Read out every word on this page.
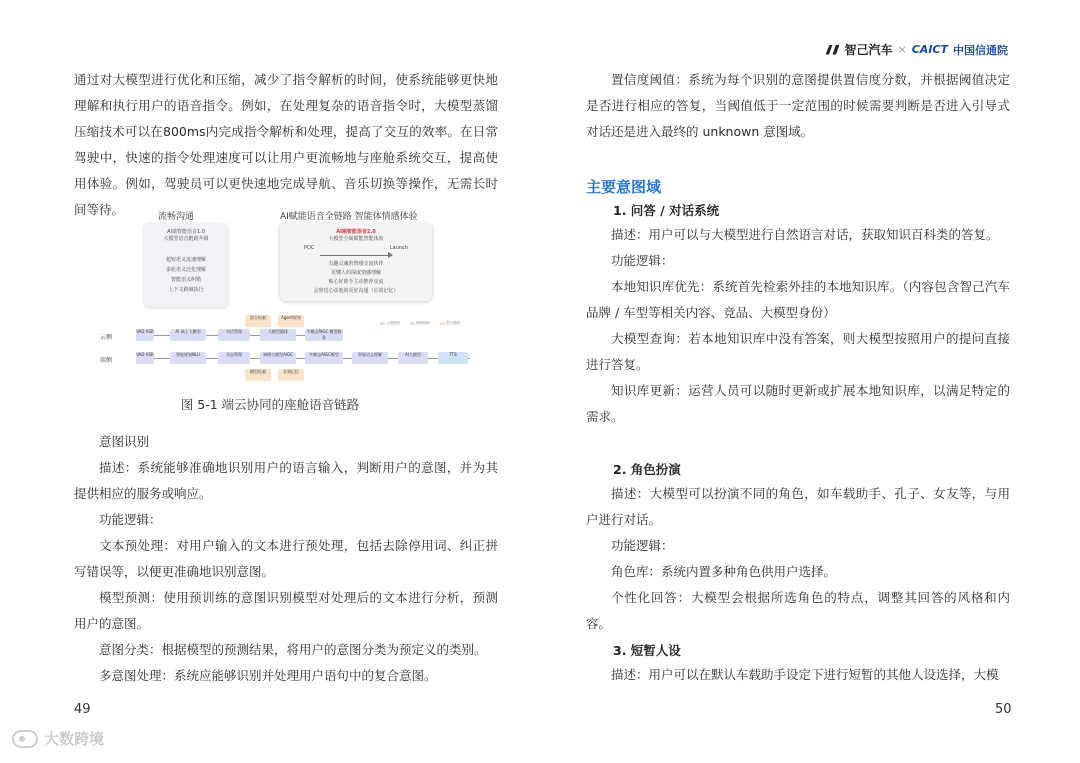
通过对大模型进行优化和压缩，减少了指令解析的时间，使系统能够更快地理解和执行用户的语音指令。例如，在处理复杂的语音指令时，大模型蒸馏压缩技术可以在800ms内完成指令解析和处理，提高了交互的效率。在日常驾驶中，快速的指令处理速度可以让用户更流畅地与座舱系统交互，提高使用体验。例如，驾驶员可以更快速地完成导航、音乐切换等操作，无需长时间等待。	流畅沟通	AI赋能语音全链路 智能体情感体验
AI端智能语音1.0
大模型语音链路升级
超短语义流速理解
多轮语义泛化理解
智能语义纠错
上下文跨域执行
AI端智能语音2.0
大模型全面赋能智能体验
POC	Launch
有趣灵魂的情感交流伙伴
更懂人的深度情感理解
贴心好助手主动推荐交流
会察觉心弦地的更好沟通（长效记忆）
云端链路	端侧链路	混合链路
混合检索	Agent规划
云侧
VAD ASR	AI 端上大模型	对话管理	大模型编排	多模态AIGC 模型服务
端侧
VAD ASR	智能规划NLU	动态管理	端侧大模型AIGC	多模态AIGC模型	智能语义理解	AI大模型	TTS
模型检索	长效记忆
图 5-1 端云协同的座舱语音链路

意图识别

描述：系统能够准确地识别用户的语言输入，判断用户的意图，并为其提供相应的服务或响应。

功能逻辑：

文本预处理：对用户输入的文本进行预处理，包括去除停用词、纠正拼写错误等，以便更准确地识别意图。

模型预测：使用预训练的意图识别模型对处理后的文本进行分析，预测用户的意图。

意图分类：根据模型的预测结果，将用户的意图分类为预定义的类别。

多意图处理：系统应能够识别并处理用户语句中的复合意图。

49
智己汽车 × CAICT 中国信通院

置信度阈值：系统为每个识别的意图提供置信度分数，并根据阈值决定是否进行相应的答复，当阈值低于一定范围的时候需要判断是否进入引导式对话还是进入最终的 unknown 意图域。

主要意图域
1. 问答 / 对话系统

描述：用户可以与大模型进行自然语言对话，获取知识百科类的答复。

功能逻辑：

本地知识库优先：系统首先检索外挂的本地知识库。（内容包含智己汽车品牌 / 车型等相关内容、竞品、大模型身份）

大模型查询：若本地知识库中没有答案，则大模型按照用户的提问直接进行答复。

知识库更新：运营人员可以随时更新或扩展本地知识库，以满足特定的需求。

2. 角色扮演

描述：大模型可以扮演不同的角色，如车载助手、孔子、女友等，与用户进行对话。

功能逻辑：

角色库：系统内置多种角色供用户选择。

个性化回答：大模型会根据所选角色的特点，调整其回答的风格和内容。

3. 短暂人设

描述：用户可以在默认车载助手设定下进行短暂的其他人设选择，大模

50
大数跨境
